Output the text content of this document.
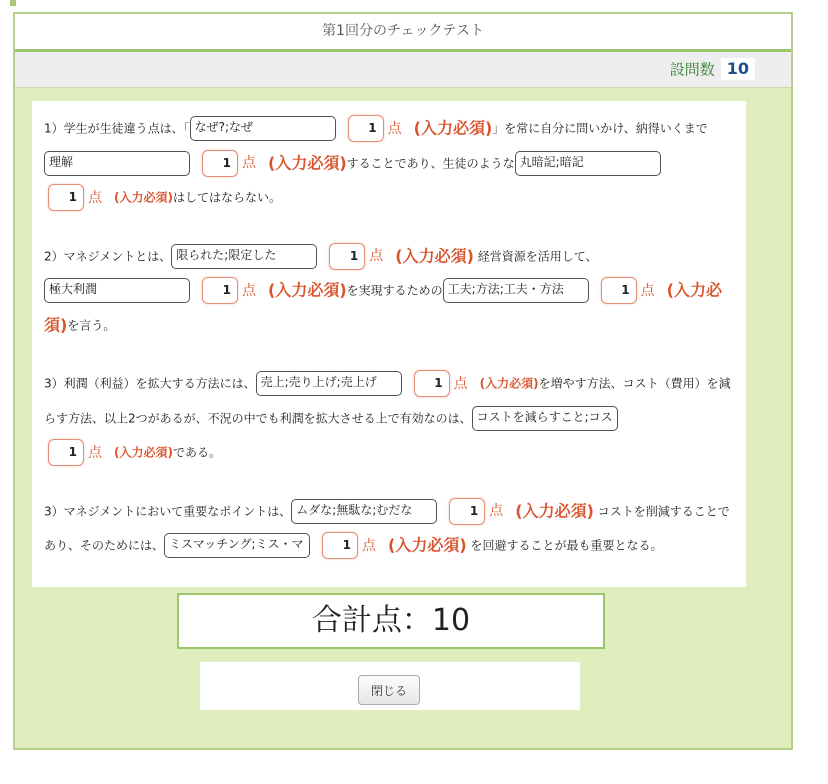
第1回分のチェックテスト
設問数 10
1）学生が生徒違う点は、「 なぜ?;なぜ	1 点 (入力必須)」を常に自分に問いかけ、納得いくまで理解	1 点 (入力必須)することであり、生徒のような 丸暗記;暗記
1 点 (入力必須)はしてはならない。
2）マネジメントとは、 限られた;限定した	1 点 (入力必須) 経営資源を活用して、
極大利潤	1 点 (入力必須)を実現するための 工夫;方法;工夫・方法	1 点 (入力必須)を言う。
3）利潤（利益）を拡大する方法には、 売上;売り上げ;売上げ	1 点 (入力必須)を増やす方法、コスト（費用）を減らす方法、以上2つがあるが、不況の中でも利潤を拡大させる上で有効なのは、 コストを減らすこと;コス
1 点 (入力必須)である。
3）マネジメントにおいて重要なポイントは、 ムダな;無駄な;むだな	1 点 (入力必須) コストを削減することであり、そのためには、 ミスマッチング;ミス・マ	1 点 (入力必須) を回避することが最も重要となる。
合計点：10
閉じる
